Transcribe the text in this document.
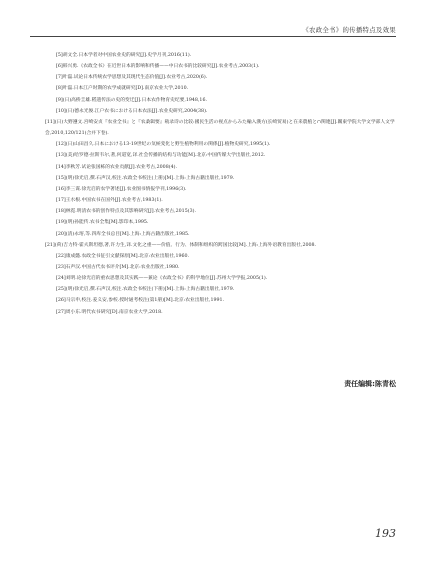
《农政全书》的传播特点及效果

[5]胡文全.日本学者对中国农业史的研究[J].史学月刊,2016(11).

[6]韩兴勇.《农政全书》在近世日本的影响和传播——中日农书的比较研究[J].农业考古,2003(1).

[7]叶磊.试论日本传统农学思想及其现代生态价值[J].农业考古,2020(6).

[8]叶磊.日本江户时期的农学成就研究[D].南京农业大学,2010.

[9](日)高桥圭雄.稻遗传法の史的变迁[J].日本农作物育史纪要,1948,16.

[10](日)德永光俊.江户农书における日本农法[J].农业史研究,2004(38).

[11](日)大野遵文.宫崎安贞『农业全书』と『农桑辑要』载录诗の比较:國民生活の视点からみた輸入漢方(长崎贸易)と在来農植と∩関連[J].關東学院大学文学部人文学会,2010,120/121(合并下卷).

[12](日)山田昌久.日本における13-19世纪の気候変化と野生植物利用の関係[J].植物史研究,1995(1).

[13](美)哈罗德·拉斯韦尔,著,何道宽,译.社会传播的结构与功能[M].北京:中国传媒大学出版社,2012.

[14]李秋芳.试论张国栋的农业贡献[J].农业考古,2008(4).

[15](明)徐光启,撰.石声汉,校注.农政全书校注(上册)[M].上海:上海古籍出版社,1979.

[16]李三谋.徐光启的农学著述[J].农业图书情报学刊,1996(3).

[17]王水根.中国农书在国外[J].农业考古,1983(1).

[18]林霓.明清农书的创作特点及其影响研究[J].农业考古,2015(3).

[19](明)孙能传.农书全集[M].影印本,1995.

[20](清)永瑢,等.四库全书总目[M].上海:上海古籍出版社,1985.

[21](荷)吉力特·霍夫斯坦德,著,许力生,译.文化之重——价值、行为、体制和组织的跨国比较[M].上海:上海外语教育出版社,2008.

[22]康成懿.农政全书征引文献探原[M].北京:农业出版社,1960.

[23]石声汉.中国古代农书评介[M].北京:农业出版社,1980.

[24]刘明.论徐光启的重农思想及其实践——兼论《农政全书》的科学地位[J].苏州大学学报,2005(1).

[25](明)徐光启,撰.石声汉,校注.农政全书校注(下册)[M].上海:上海古籍出版社,1979.

[26]马宗申,校注.姜义安,参校.授时通考校注(第1册)[M].北京:农业出版社,1991.

[27]周小东.明代农书研究[D].南京农业大学,2018.

责任编辑:陈青松
193
